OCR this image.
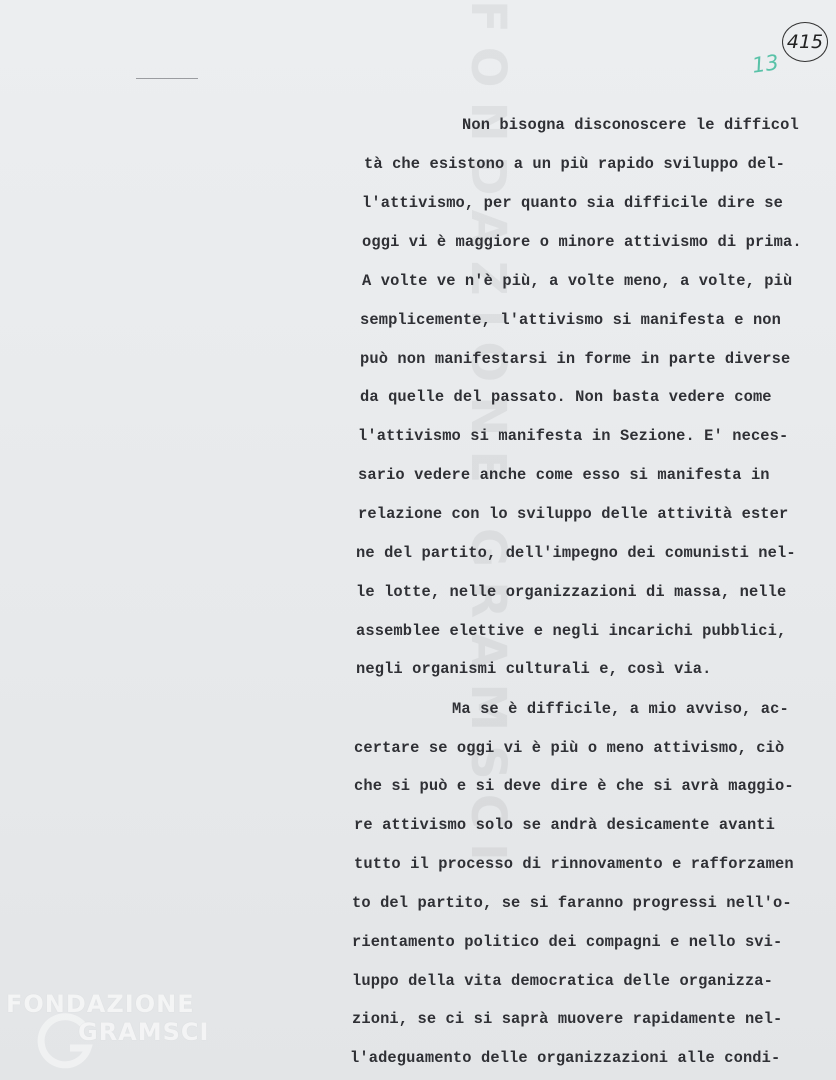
FONDAZIONE GRAMSCI	415
13
Non bisogna disconoscere le difficol
tà che esistono a un più rapido sviluppo del-
l'attivismo, per quanto sia difficile dire se
oggi vi è maggiore o minore attivismo di prima.
A volte ve n'è più, a volte meno, a volte, più
semplicemente, l'attivismo si manifesta e non
può non manifestarsi in forme in parte diverse
da quelle del passato. Non basta vedere come
l'attivismo si manifesta in Sezione. E' neces-
sario vedere anche come esso si manifesta in
relazione con lo sviluppo delle attività ester
ne del partito, dell'impegno dei comunisti nel-
le lotte, nelle organizzazioni di massa, nelle
assemblee elettive e negli incarichi pubblici,
negli organismi culturali e, così via.
Ma se è difficile, a mio avviso, ac-
certare se oggi vi è più o meno attivismo, ciò
che si può e si deve dire è che si avrà maggio-
re attivismo solo se andrà desicamente avanti
tutto il processo di rinnovamento e rafforzamen
to del partito, se si faranno progressi nell'o-
rientamento politico dei compagni e nello svi-
luppo della vita democratica delle organizza-
zioni, se ci si saprà muovere rapidamente nel-
l'adeguamento delle organizzazioni alle condi-
FONDAZIONE
GRAMSCI
